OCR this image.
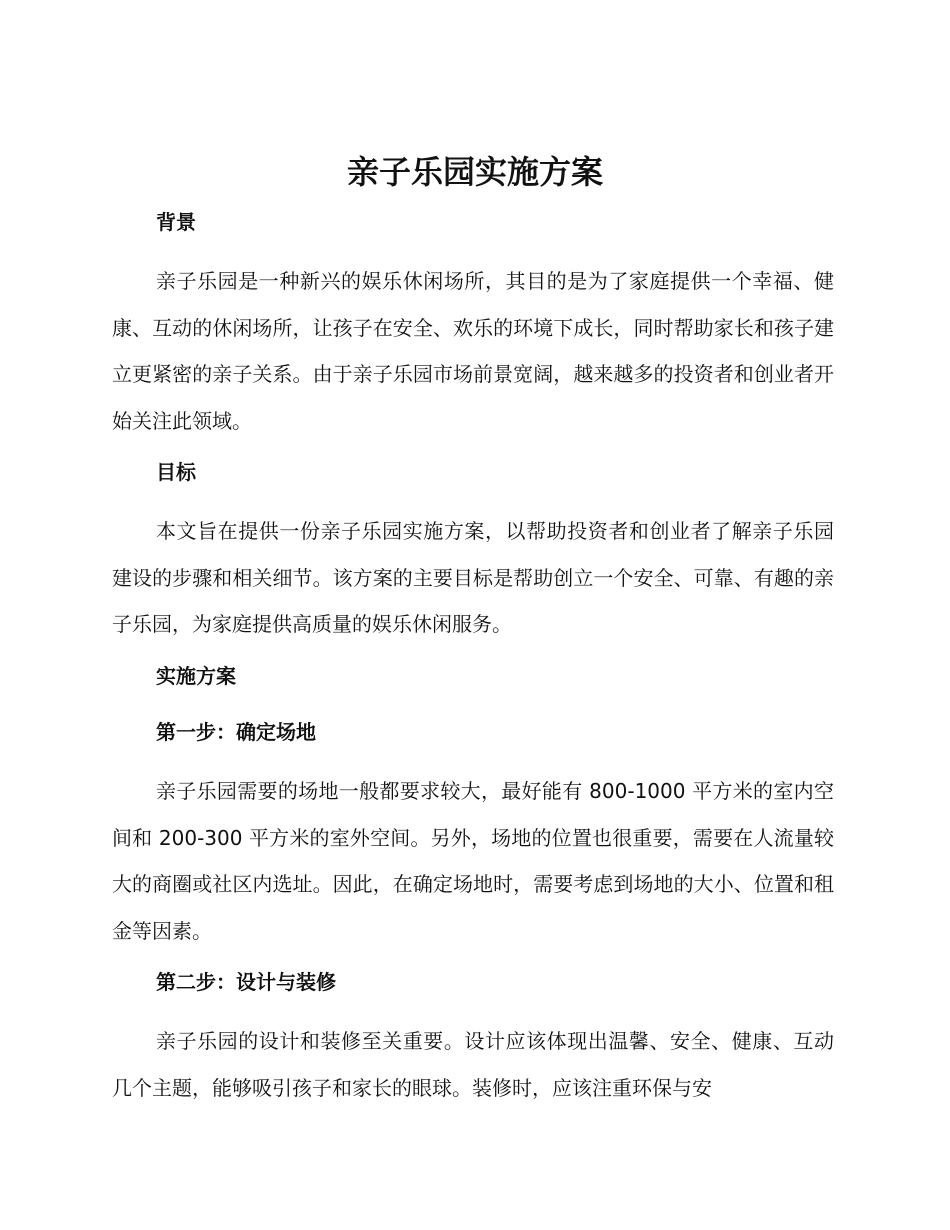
亲子乐园实施方案
背景

亲子乐园是一种新兴的娱乐休闲场所，其目的是为了家庭提供一个幸福、健康、互动的休闲场所，让孩子在安全、欢乐的环境下成长，同时帮助家长和孩子建立更紧密的亲子关系。由于亲子乐园市场前景宽阔，越来越多的投资者和创业者开始关注此领域。

目标

本文旨在提供一份亲子乐园实施方案，以帮助投资者和创业者了解亲子乐园建设的步骤和相关细节。该方案的主要目标是帮助创立一个安全、可靠、有趣的亲子乐园，为家庭提供高质量的娱乐休闲服务。

实施方案
第一步：确定场地

亲子乐园需要的场地一般都要求较大，最好能有 800-1000 平方米的室内空间和 200-300 平方米的室外空间。另外，场地的位置也很重要，需要在人流量较大的商圈或社区内选址。因此，在确定场地时，需要考虑到场地的大小、位置和租金等因素。

第二步：设计与装修

亲子乐园的设计和装修至关重要。设计应该体现出温馨、安全、健康、互动几个主题，能够吸引孩子和家长的眼球。装修时，应该注重环保与安
